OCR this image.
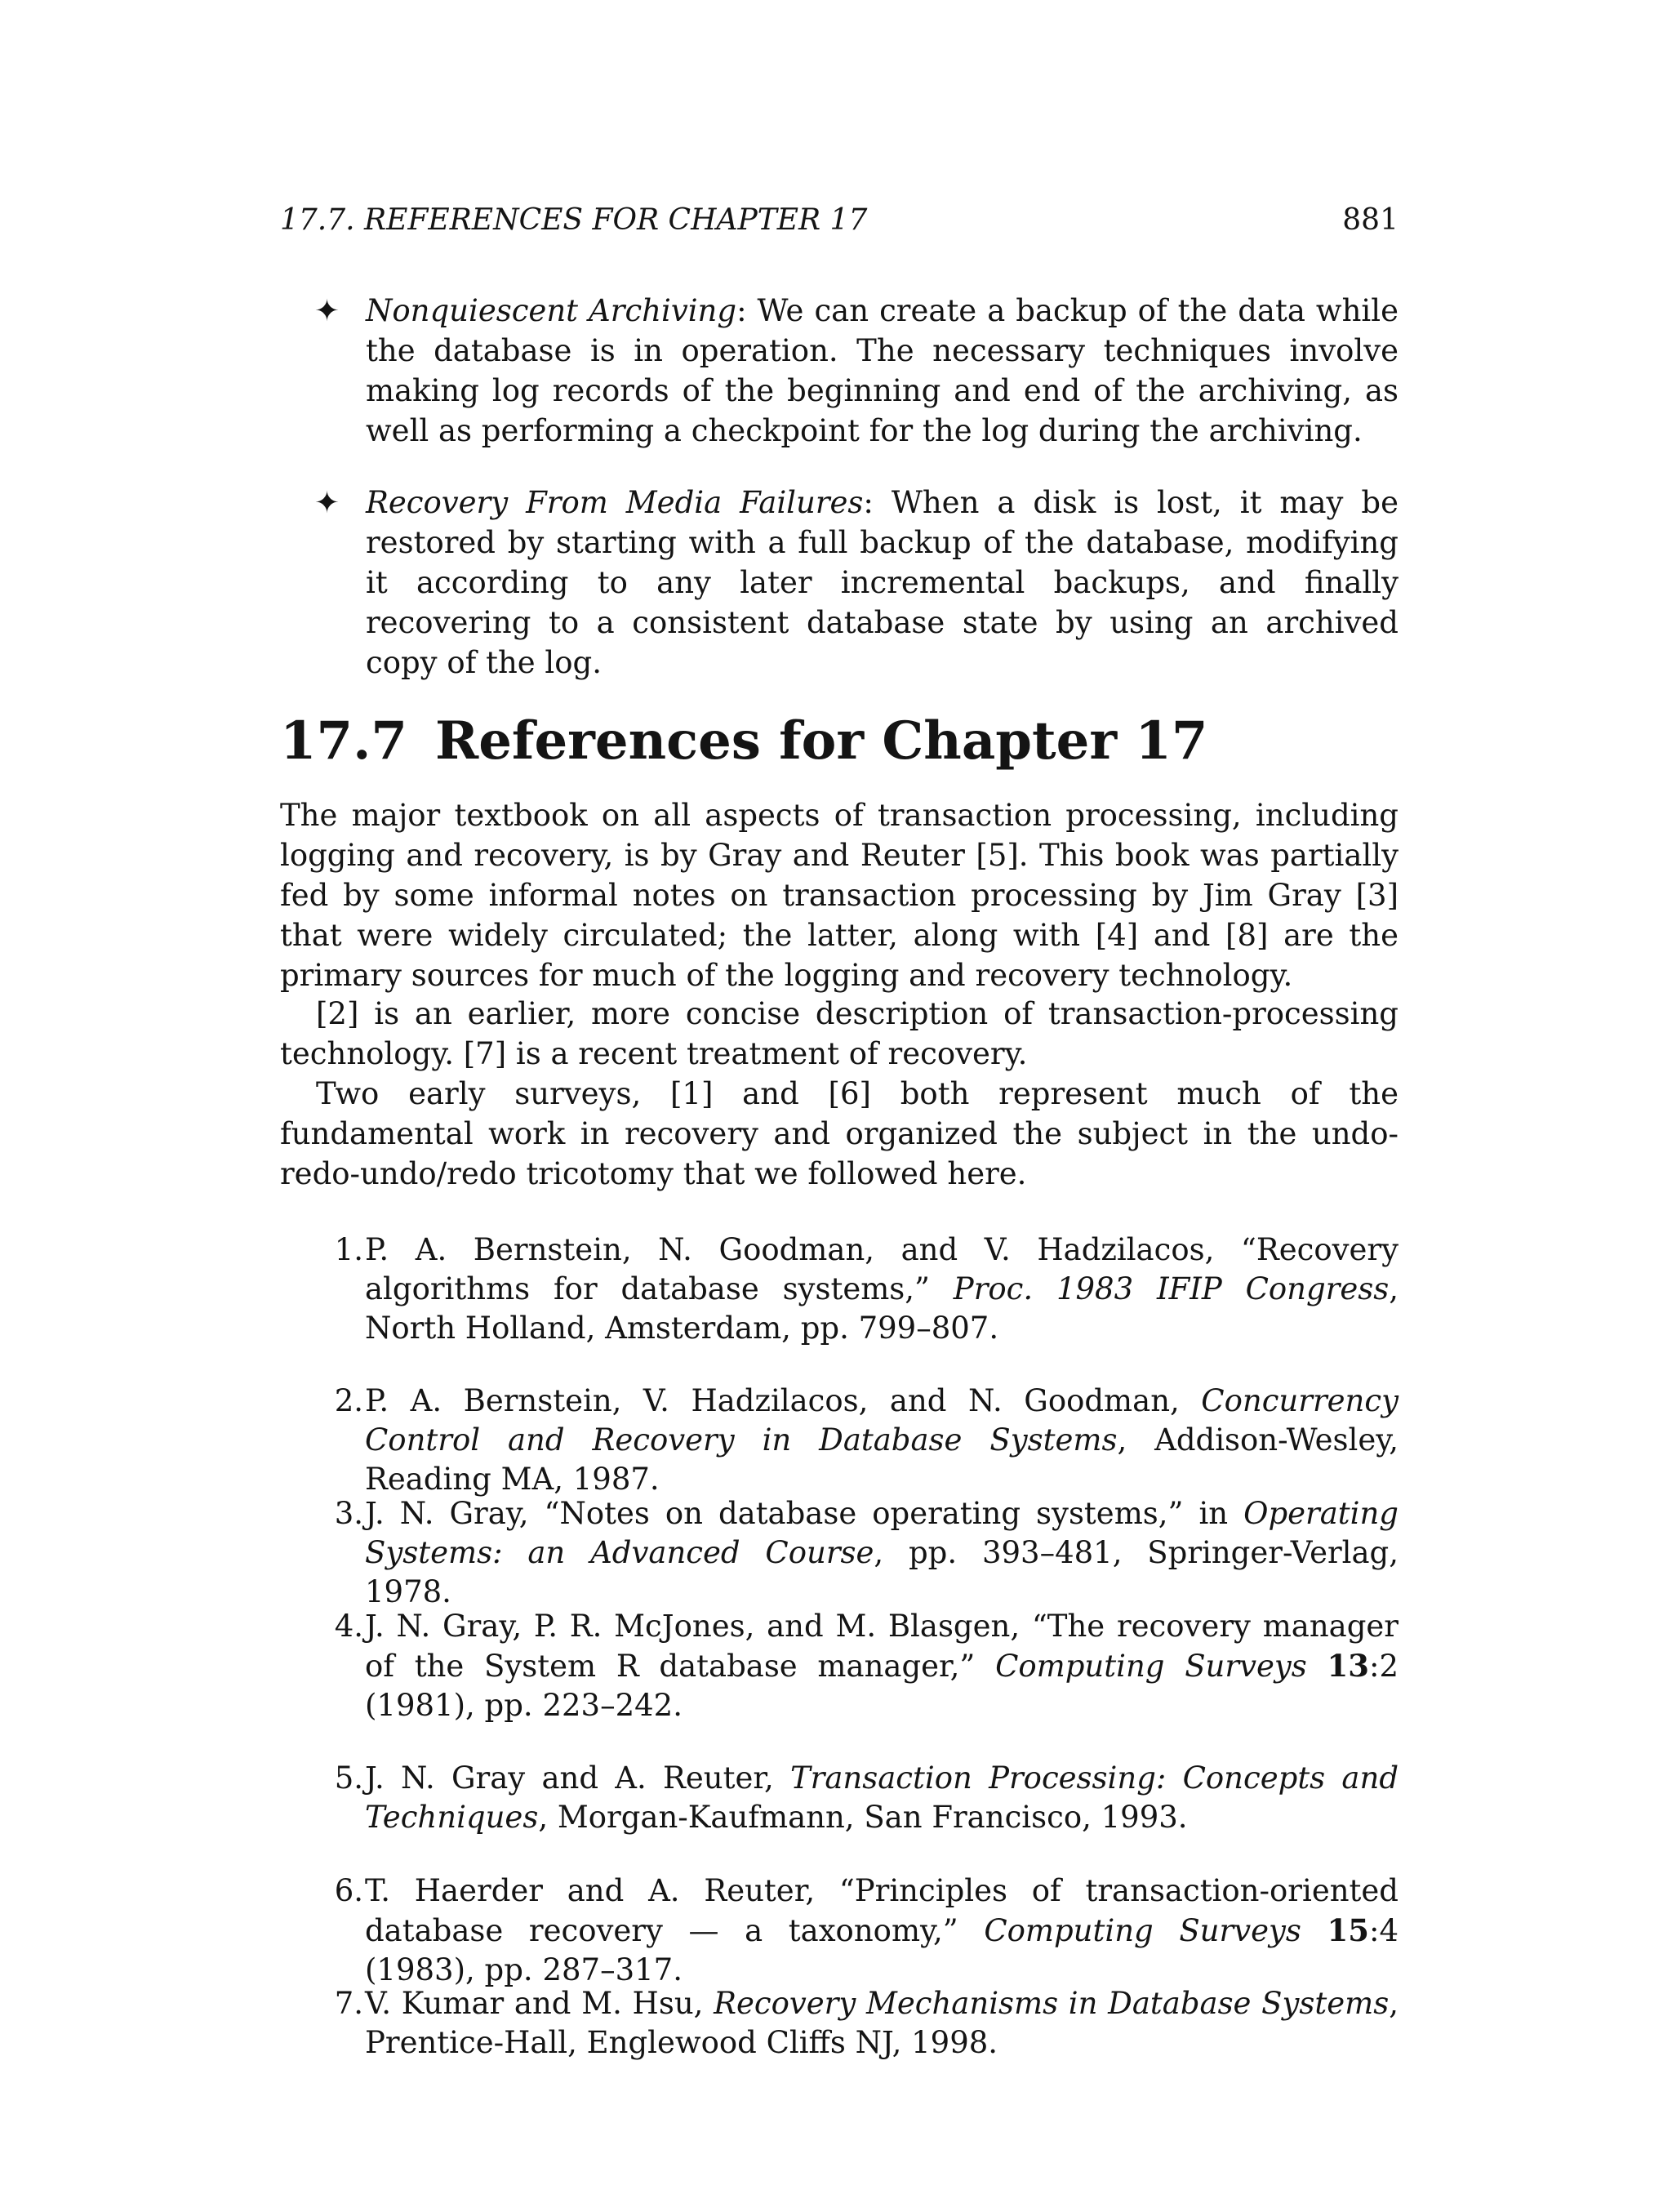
17.7. REFERENCES FOR CHAPTER 17	881
✦ Nonquiescent Archiving: We can create a backup of the data while the database is in operation. The necessary techniques involve making log records of the beginning and end of the archiving, as well as performing a checkpoint for the log during the archiving.
✦ Recovery From Media Failures: When a disk is lost, it may be restored by starting with a full backup of the database, modifying it according to any later incremental backups, and finally recovering to a consistent database state by using an archived copy of the log.
17.7 References for Chapter 17

The major textbook on all aspects of transaction processing, including logging and recovery, is by Gray and Reuter [5]. This book was partially fed by some informal notes on transaction processing by Jim Gray [3] that were widely circulated; the latter, along with [4] and [8] are the primary sources for much of the logging and recovery technology.

[2] is an earlier, more concise description of transaction-processing technology. [7] is a recent treatment of recovery.

Two early surveys, [1] and [6] both represent much of the fundamental work in recovery and organized the subject in the undo-redo-undo/redo tricotomy that we followed here.

1. P. A. Bernstein, N. Goodman, and V. Hadzilacos, “Recovery algorithms for database systems,” Proc. 1983 IFIP Congress, North Holland, Amsterdam, pp. 799–807.
2. P. A. Bernstein, V. Hadzilacos, and N. Goodman, Concurrency Control and Recovery in Database Systems, Addison-Wesley, Reading MA, 1987.
3. J. N. Gray, “Notes on database operating systems,” in Operating Systems: an Advanced Course, pp. 393–481, Springer-Verlag, 1978.
4. J. N. Gray, P. R. McJones, and M. Blasgen, “The recovery manager of the System R database manager,” Computing Surveys 13:2 (1981), pp. 223–242.
5. J. N. Gray and A. Reuter, Transaction Processing: Concepts and Techniques, Morgan-Kaufmann, San Francisco, 1993.
6. T. Haerder and A. Reuter, “Principles of transaction-oriented database recovery — a taxonomy,” Computing Surveys 15:4 (1983), pp. 287–317.
7. V. Kumar and M. Hsu, Recovery Mechanisms in Database Systems, Prentice-Hall, Englewood Cliffs NJ, 1998.
